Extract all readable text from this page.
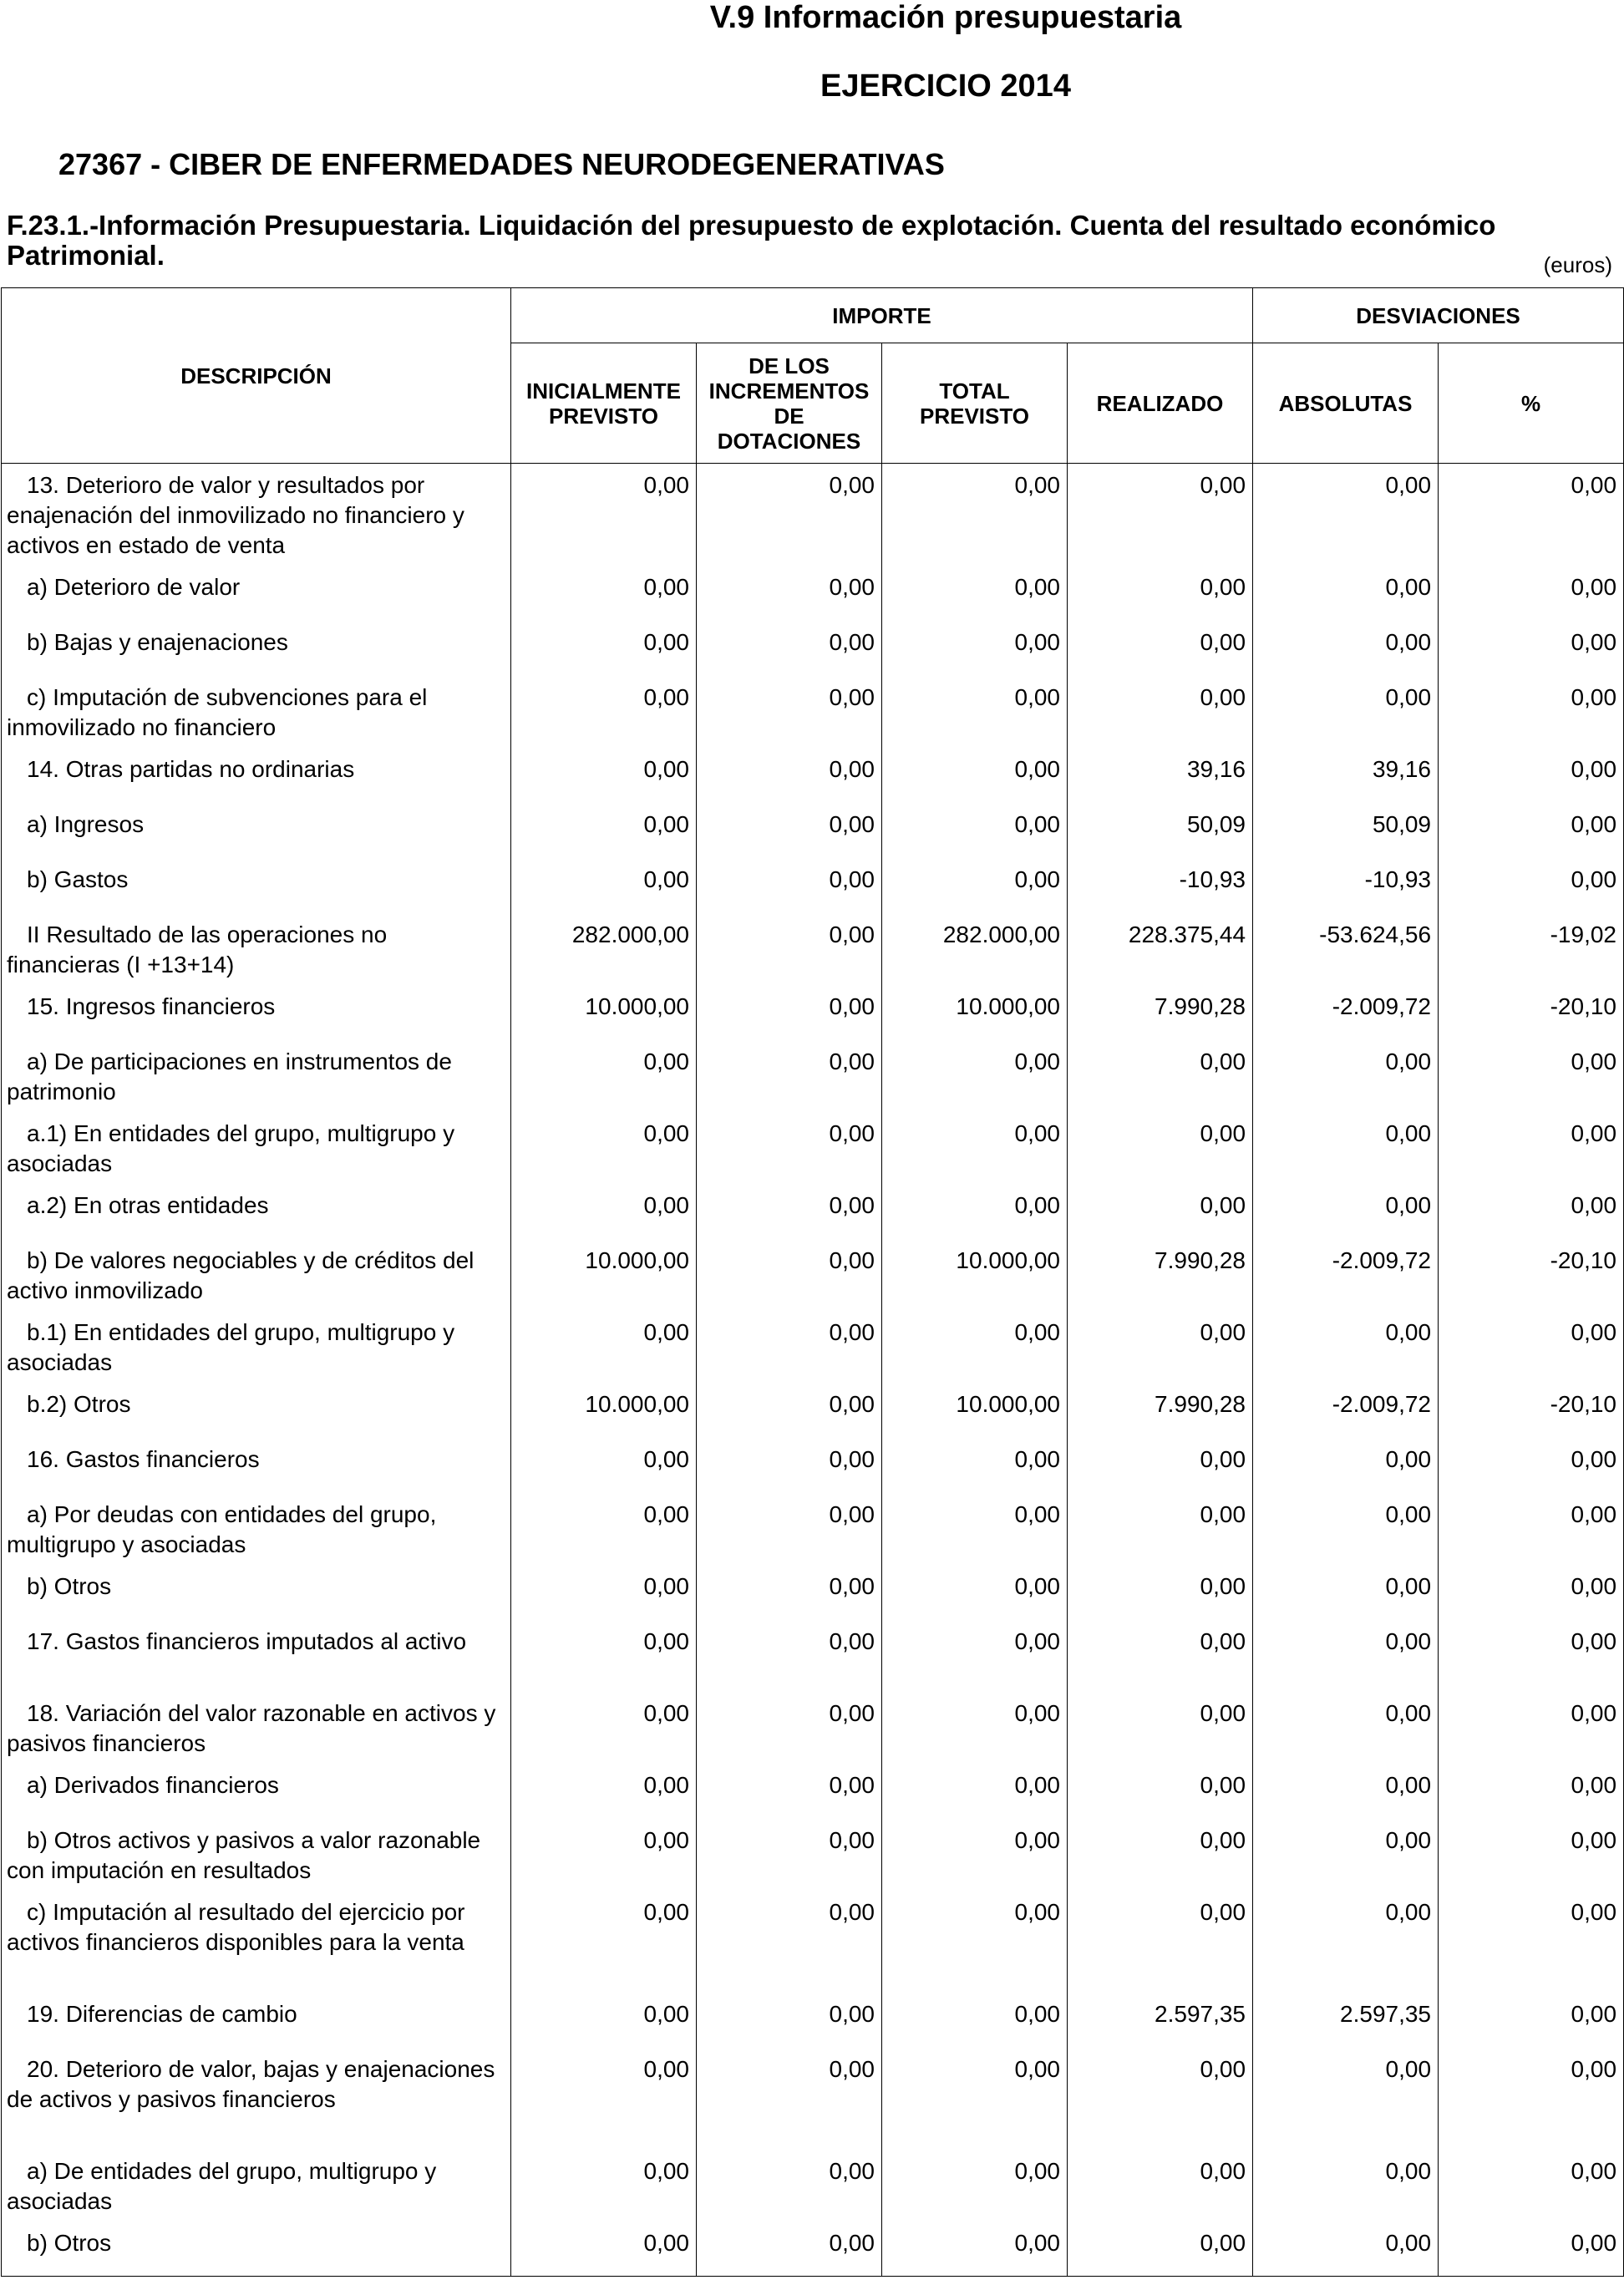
V.9 Información presupuestaria
EJERCICIO 2014
27367 - CIBER DE ENFERMEDADES NEURODEGENERATIVAS
F.23.1.-Información Presupuestaria. Liquidación del presupuesto de explotación. Cuenta del resultado económico Patrimonial.	(euros)
DESCRIPCIÓN	IMPORTE				DESVIACIONES	
	INICIALMENTE PREVISTO	DE LOS INCREMENTOS DE DOTACIONES	TOTAL PREVISTO	REALIZADO	ABSOLUTAS	%
13. Deterioro de valor y resultados por enajenación del inmovilizado no financiero y activos en estado de venta	0,00	0,00	0,00	0,00	0,00	0,00
a) Deterioro de valor	0,00	0,00	0,00	0,00	0,00	0,00
b) Bajas y enajenaciones	0,00	0,00	0,00	0,00	0,00	0,00
c) Imputación de subvenciones para el inmovilizado no financiero	0,00	0,00	0,00	0,00	0,00	0,00
14. Otras partidas no ordinarias	0,00	0,00	0,00	39,16	39,16	0,00
a) Ingresos	0,00	0,00	0,00	50,09	50,09	0,00
b) Gastos	0,00	0,00	0,00	-10,93	-10,93	0,00
II Resultado de las operaciones no financieras (I +13+14)	282.000,00	0,00	282.000,00	228.375,44	-53.624,56	-19,02
15. Ingresos financieros	10.000,00	0,00	10.000,00	7.990,28	-2.009,72	-20,10
a) De participaciones en instrumentos de patrimonio	0,00	0,00	0,00	0,00	0,00	0,00
a.1) En entidades del grupo, multigrupo y asociadas	0,00	0,00	0,00	0,00	0,00	0,00
a.2) En otras entidades	0,00	0,00	0,00	0,00	0,00	0,00
b) De valores negociables y de créditos del activo inmovilizado	10.000,00	0,00	10.000,00	7.990,28	-2.009,72	-20,10
b.1) En entidades del grupo, multigrupo y asociadas	0,00	0,00	0,00	0,00	0,00	0,00
b.2) Otros	10.000,00	0,00	10.000,00	7.990,28	-2.009,72	-20,10
16. Gastos financieros	0,00	0,00	0,00	0,00	0,00	0,00
a) Por deudas con entidades del grupo, multigrupo y asociadas	0,00	0,00	0,00	0,00	0,00	0,00
b) Otros	0,00	0,00	0,00	0,00	0,00	0,00
17. Gastos financieros imputados al activo	0,00	0,00	0,00	0,00	0,00	0,00
18. Variación del valor razonable en activos y pasivos financieros	0,00	0,00	0,00	0,00	0,00	0,00
a) Derivados financieros	0,00	0,00	0,00	0,00	0,00	0,00
b) Otros activos y pasivos a valor razonable con imputación en resultados	0,00	0,00	0,00	0,00	0,00	0,00
c) Imputación al resultado del ejercicio por activos financieros disponibles para la venta	0,00	0,00	0,00	0,00	0,00	0,00
19. Diferencias de cambio	0,00	0,00	0,00	2.597,35	2.597,35	0,00
20. Deterioro de valor, bajas y enajenaciones de activos y pasivos financieros	0,00	0,00	0,00	0,00	0,00	0,00
a) De entidades del grupo, multigrupo y asociadas	0,00	0,00	0,00	0,00	0,00	0,00
b) Otros	0,00	0,00	0,00	0,00	0,00	0,00
